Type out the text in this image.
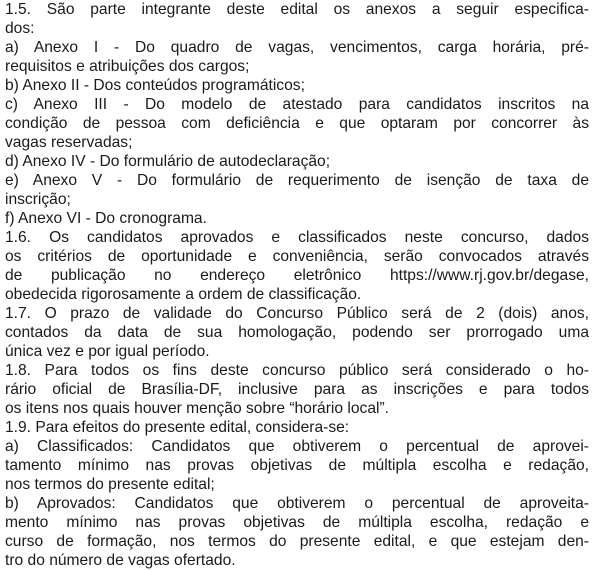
1.5. São parte integrante deste edital os anexos a seguir especifica-
dos:
a) Anexo I - Do quadro de vagas, vencimentos, carga horária, pré-
requisitos e atribuições dos cargos;
b) Anexo II - Dos conteúdos programáticos;
c) Anexo III - Do modelo de atestado para candidatos inscritos na
condição de pessoa com deficiência e que optaram por concorrer às
vagas reservadas;
d) Anexo IV - Do formulário de autodeclaração;
e) Anexo V - Do formulário de requerimento de isenção de taxa de
inscrição;
f) Anexo VI - Do cronograma.
1.6. Os candidatos aprovados e classificados neste concurso, dados
os critérios de oportunidade e conveniência, serão convocados através
de publicação no endereço eletrônico https://www.rj.gov.br/degase,
obedecida rigorosamente a ordem de classificação.
1.7. O prazo de validade do Concurso Público será de 2 (dois) anos,
contados da data de sua homologação, podendo ser prorrogado uma
única vez e por igual período.
1.8. Para todos os fins deste concurso público será considerado o ho-
rário oficial de Brasília-DF, inclusive para as inscrições e para todos
os itens nos quais houver menção sobre “horário local”.
1.9. Para efeitos do presente edital, considera-se:
a) Classificados: Candidatos que obtiverem o percentual de aprovei-
tamento mínimo nas provas objetivas de múltipla escolha e redação,
nos termos do presente edital;
b) Aprovados: Candidatos que obtiverem o percentual de aproveita-
mento mínimo nas provas objetivas de múltipla escolha, redação e
curso de formação, nos termos do presente edital, e que estejam den-
tro do número de vagas ofertado.
